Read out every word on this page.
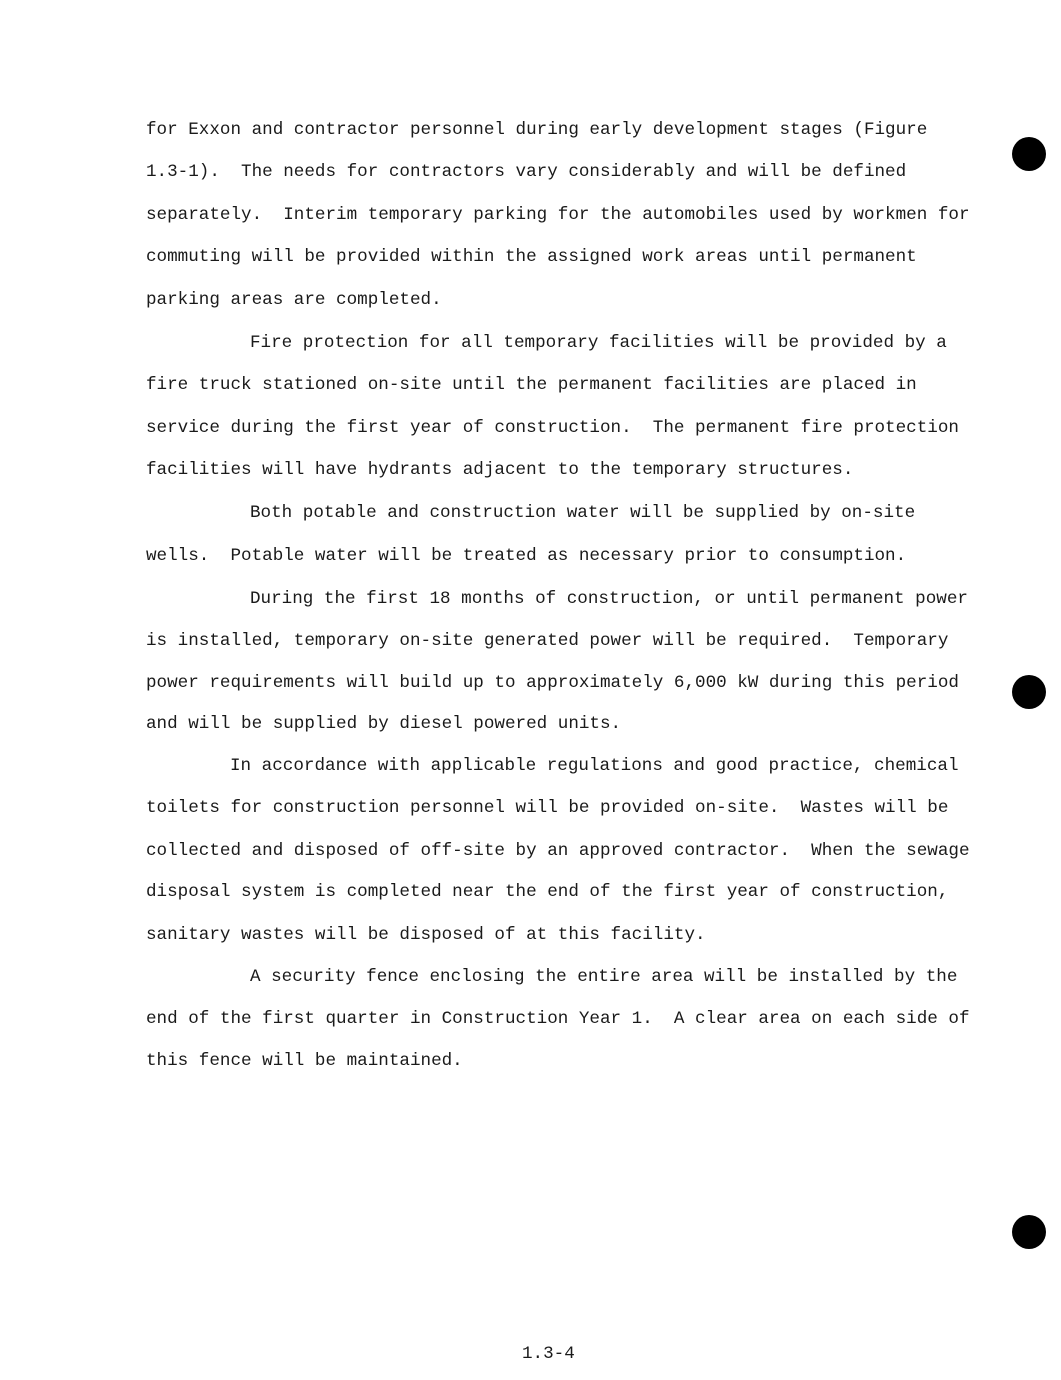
for Exxon and contractor personnel during early development stages (Figure
1.3-1).  The needs for contractors vary considerably and will be defined
separately.  Interim temporary parking for the automobiles used by workmen for
commuting will be provided within the assigned work areas until permanent
parking areas are completed.
Fire protection for all temporary facilities will be provided by a
fire truck stationed on-site until the permanent facilities are placed in
service during the first year of construction.  The permanent fire protection
facilities will have hydrants adjacent to the temporary structures.
Both potable and construction water will be supplied by on-site
wells.  Potable water will be treated as necessary prior to consumption.
During the first 18 months of construction, or until permanent power
is installed, temporary on-site generated power will be required.  Temporary
power requirements will build up to approximately 6,000 kW during this period
and will be supplied by diesel powered units.
In accordance with applicable regulations and good practice, chemical
toilets for construction personnel will be provided on-site.  Wastes will be
collected and disposed of off-site by an approved contractor.  When the sewage
disposal system is completed near the end of the first year of construction,
sanitary wastes will be disposed of at this facility.
A security fence enclosing the entire area will be installed by the
end of the first quarter in Construction Year 1.  A clear area on each side of
this fence will be maintained.
1.3-4
